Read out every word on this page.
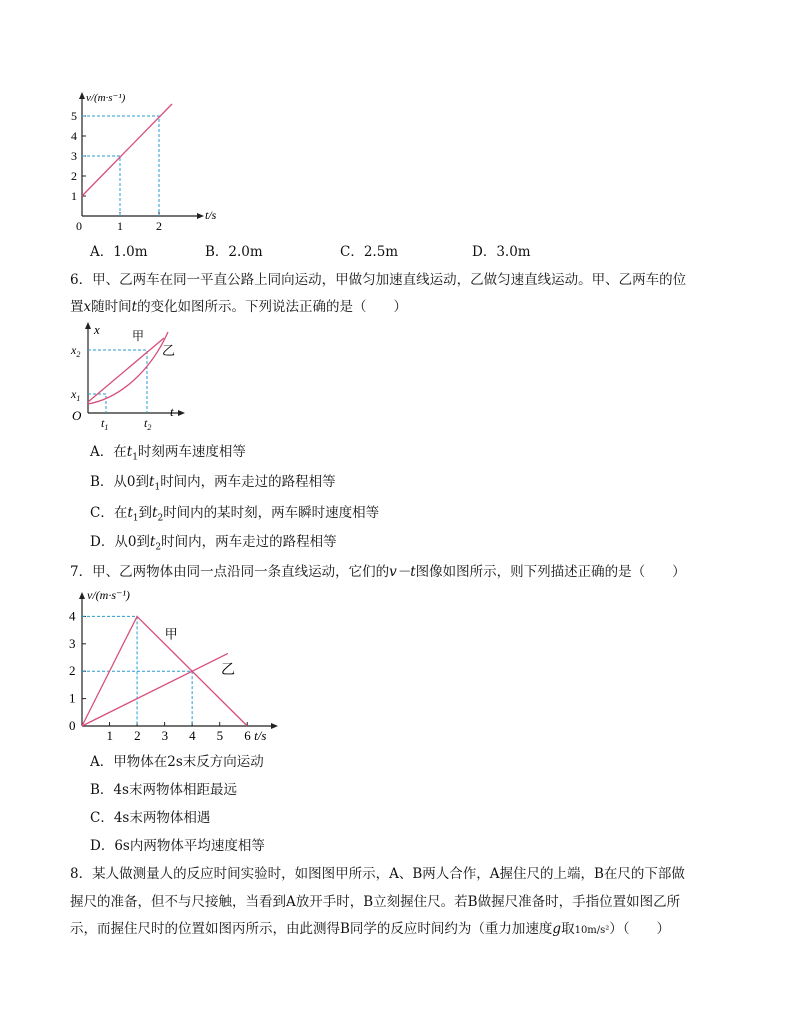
1
2
3
4
5
0	1	2
v/(m·s⁻¹)
t/s
A．1.0m	B．2.0m	C．2.5m	D．3.0m
6．甲、乙两车在同一平直公路上同向运动，甲做匀加速直线运动，乙做匀速直线运动。甲、乙两车的位
置x随时间t的变化如图所示。下列说法正确的是（　　）
x
t
O
$x_2$
$x_1$
$t_1$	$t_2$
甲
乙
A．在$t_1$时刻两车速度相等
B．从0到$t_1$时间内，两车走过的路程相等
C．在$t_1$到$t_2$时间内的某时刻，两车瞬时速度相等
D．从0到$t_2$时间内，两车走过的路程相等
7．甲、乙两物体由同一点沿同一条直线运动，它们的v－t图像如图所示，则下列描述正确的是（　　）
1 2 3 4 5 6
0
1
2
3
4
甲
乙
v/(m·s⁻¹)
t/s
A．甲物体在2s末反方向运动
B．4s末两物体相距最远
C．4s末两物体相遇
D．6s内两物体平均速度相等
8．某人做测量人的反应时间实验时，如图图甲所示，A、B两人合作，A握住尺的上端，B在尺的下部做
握尺的准备，但不与尺接触，当看到A放开手时，B立刻握住尺。若B做握尺准备时，手指位置如图乙所
示，而握住尺时的位置如图丙所示，由此测得B同学的反应时间约为（重力加速度g取10m/s²）（　　）
